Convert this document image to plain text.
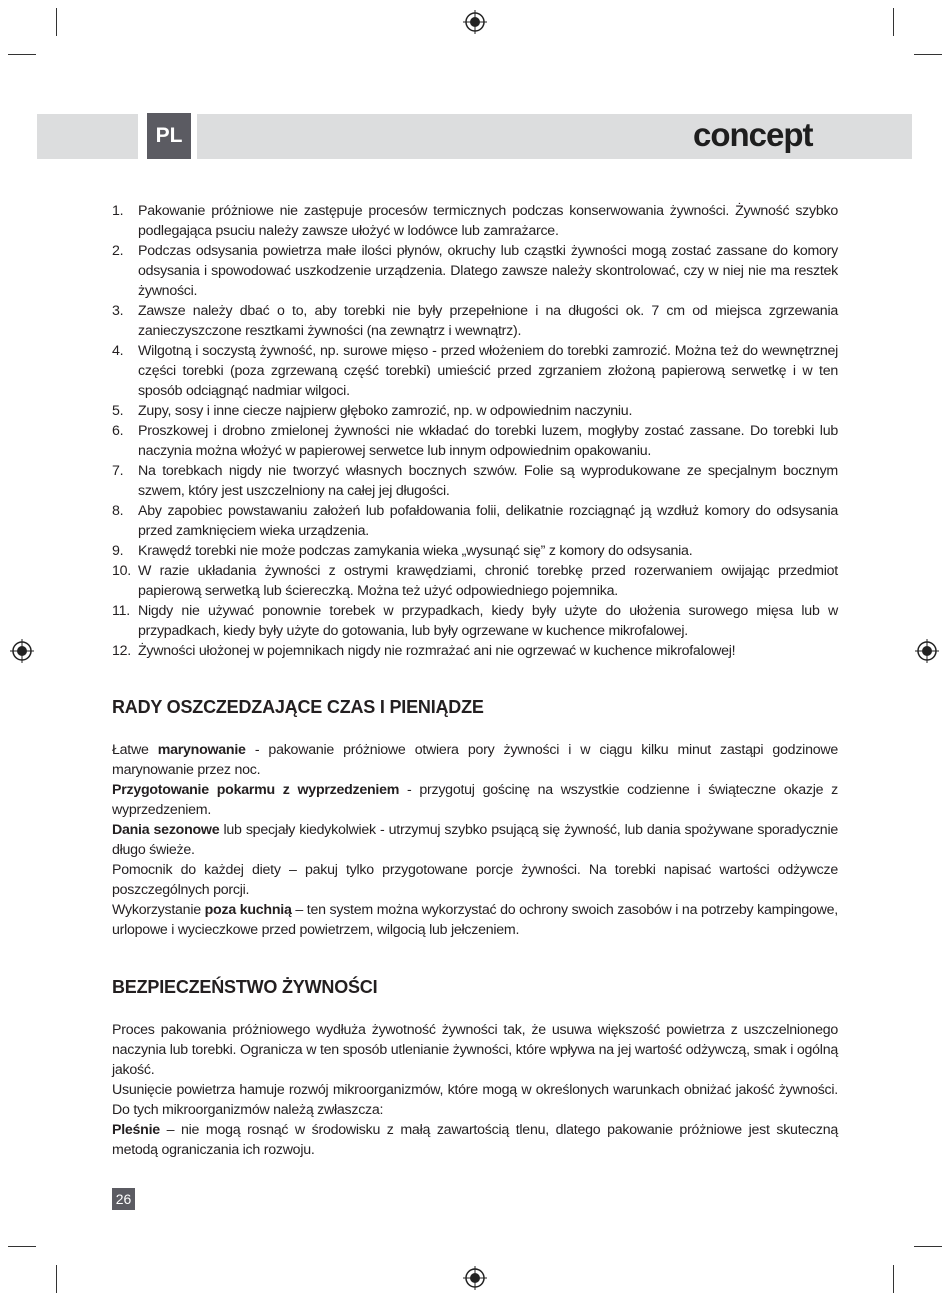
PL	concept
1. Pakowanie próżniowe nie zastępuje procesów termicznych podczas konserwowania żywności. Żywność szybko podlegająca psuciu należy zawsze ułożyć w lodówce lub zamrażarce.
2. Podczas odsysania powietrza małe ilości płynów, okruchy lub cząstki żywności mogą zostać zassane do komory odsysania i spowodować uszkodzenie urządzenia. Dlatego zawsze należy skontrolować, czy w niej nie ma resztek żywności.
3. Zawsze należy dbać o to, aby torebki nie były przepełnione i na długości ok. 7 cm od miejsca zgrzewania zanieczyszczone resztkami żywności (na zewnątrz i wewnątrz).
4. Wilgotną i soczystą żywność, np. surowe mięso - przed włożeniem do torebki zamrozić. Można też do wewnętrznej części torebki (poza zgrzewaną część torebki) umieścić przed zgrzaniem złożoną papierową serwetkę i w ten sposób odciągnąć nadmiar wilgoci.
5. Zupy, sosy i inne ciecze najpierw głęboko zamrozić, np. w odpowiednim naczyniu.
6. Proszkowej i drobno zmielonej żywności nie wkładać do torebki luzem, mogłyby zostać zassane. Do torebki lub naczynia można włożyć w papierowej serwetce lub innym odpowiednim opakowaniu.
7. Na torebkach nigdy nie tworzyć własnych bocznych szwów. Folie są wyprodukowane ze specjalnym bocznym szwem, który jest uszczelniony na całej jej długości.
8. Aby zapobiec powstawaniu założeń lub pofałdowania folii, delikatnie rozciągnąć ją wzdłuż komory do odsysania przed zamknięciem wieka urządzenia.
9. Krawędź torebki nie może podczas zamykania wieka „wysunąć się” z komory do odsysania.
10. W razie układania żywności z ostrymi krawędziami, chronić torebkę przed rozerwaniem owijając przedmiot papierową serwetką lub ściereczką. Można też użyć odpowiedniego pojemnika.
11. Nigdy nie używać ponownie torebek w przypadkach, kiedy były użyte do ułożenia surowego mięsa lub w przypadkach, kiedy były użyte do gotowania, lub były ogrzewane w kuchence mikrofalowej.
12. Żywności ułożonej w pojemnikach nigdy nie rozmrażać ani nie ogrzewać w kuchence mikrofalowej!
RADY OSZCZEDZAJĄCE CZAS I PIENIĄDZE

Łatwe marynowanie - pakowanie próżniowe otwiera pory żywności i w ciągu kilku minut zastąpi godzinowe marynowanie przez noc.

Przygotowanie pokarmu z wyprzedzeniem - przygotuj gościnę na wszystkie codzienne i świąteczne okazje z wyprzedzeniem.

Dania sezonowe lub specjały kiedykolwiek - utrzymuj szybko psującą się żywność, lub dania spożywane sporadycznie długo świeże.

Pomocnik do każdej diety – pakuj tylko przygotowane porcje żywności. Na torebki napisać wartości odżywcze poszczególnych porcji.

Wykorzystanie poza kuchnią – ten system można wykorzystać do ochrony swoich zasobów i na potrzeby kampingowe, urlopowe i wycieczkowe przed powietrzem, wilgocią lub jełczeniem.

BEZPIECZEŃSTWO ŻYWNOŚCI

Proces pakowania próżniowego wydłuża żywotność żywności tak, że usuwa większość powietrza z uszczelnionego naczynia lub torebki. Ogranicza w ten sposób utlenianie żywności, które wpływa na jej wartość odżywczą, smak i ogólną jakość.

Usunięcie powietrza hamuje rozwój mikroorganizmów, które mogą w określonych warunkach obniżać jakość żywności. Do tych mikroorganizmów należą zwłaszcza:

Pleśnie – nie mogą rosnąć w środowisku z małą zawartością tlenu, dlatego pakowanie próżniowe jest skuteczną metodą ograniczania ich rozwoju.

26
